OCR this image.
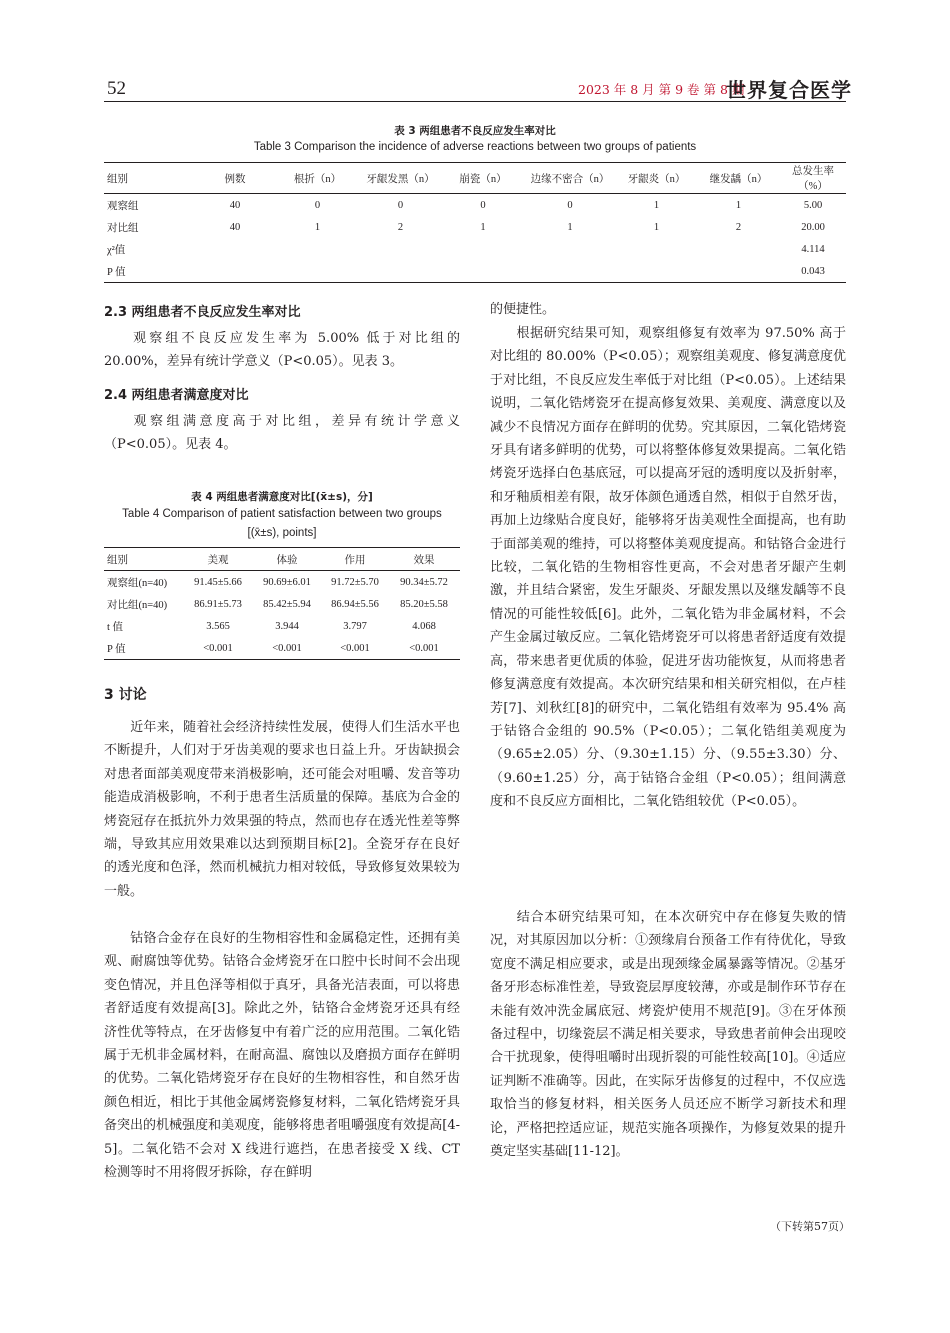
52	2023 年 8 月 第 9 卷 第 8 期
世界复合医学
表 3 两组患者不良反应发生率对比
Table 3 Comparison the incidence of adverse reactions between two groups of patients
组别	例数	根折（n）	牙龈发黑（n）	崩瓷（n）	边缘不密合（n）	牙龈炎（n）	继发龋（n）	总发生率（%）
观察组	40	0	0	0	0	1	1	5.00
对比组	40	1	2	1	1	1	2	20.00
χ²值								4.114
P 值								0.043
2.3 两组患者不良反应发生率对比
观察组不良反应发生率为 5.00% 低于对比组的 20.00%，差异有统计学意义（P<0.05）。见表 3。
2.4 两组患者满意度对比
观察组满意度高于对比组，差异有统计学意义（P<0.05）。见表 4。
表 4 两组患者满意度对比[(x̄±s)，分]
Table 4 Comparison of patient satisfaction between two groups
[(x̄±s), points]
组别	美观	体验	作用	效果
观察组(n=40)	91.45±5.66	90.69±6.01	91.72±5.70	90.34±5.72
对比组(n=40)	86.91±5.73	85.42±5.94	86.94±5.56	85.20±5.58
t 值	3.565	3.944	3.797	4.068
P 值	<0.001	<0.001	<0.001	<0.001
3 讨论
近年来，随着社会经济持续性发展，使得人们生活水平也不断提升，人们对于牙齿美观的要求也日益上升。牙齿缺损会对患者面部美观度带来消极影响，还可能会对咀嚼、发音等功能造成消极影响，不利于患者生活质量的保障。基底为合金的烤瓷冠存在抵抗外力效果强的特点，然而也存在透光性差等弊端，导致其应用效果难以达到预期目标[2]。全瓷牙存在良好的透光度和色泽，然而机械抗力相对较低，导致修复效果较为一般。
钴铬合金存在良好的生物相容性和金属稳定性，还拥有美观、耐腐蚀等优势。钴铬合金烤瓷牙在口腔中长时间不会出现变色情况，并且色泽等相似于真牙，具备光洁表面，可以将患者舒适度有效提高[3]。除此之外，钴铬合金烤瓷牙还具有经济性优等特点，在牙齿修复中有着广泛的应用范围。二氧化锆属于无机非金属材料，在耐高温、腐蚀以及磨损方面存在鲜明的优势。二氧化锆烤瓷牙存在良好的生物相容性，和自然牙齿颜色相近，相比于其他金属烤瓷修复材料，二氧化锆烤瓷牙具备突出的机械强度和美观度，能够将患者咀嚼强度有效提高[4-5]。二氧化锆不会对 X 线进行遮挡，在患者接受 X 线、CT 检测等时不用将假牙拆除，存在鲜明
的便捷性。
根据研究结果可知，观察组修复有效率为 97.50% 高于对比组的 80.00%（P<0.05）；观察组美观度、修复满意度优于对比组，不良反应发生率低于对比组（P<0.05）。上述结果说明，二氧化锆烤瓷牙在提高修复效果、美观度、满意度以及减少不良情况方面存在鲜明的优势。究其原因，二氧化锆烤瓷牙具有诸多鲜明的优势，可以将整体修复效果提高。二氧化锆烤瓷牙选择白色基底冠，可以提高牙冠的透明度以及折射率，和牙釉质相差有限，故牙体颜色通透自然，相似于自然牙齿，再加上边缘贴合度良好，能够将牙齿美观性全面提高，也有助于面部美观的维持，可以将整体美观度提高。和钴铬合金进行比较，二氧化锆的生物相容性更高，不会对患者牙龈产生刺激，并且结合紧密，发生牙龈炎、牙龈发黑以及继发龋等不良情况的可能性较低[6]。此外，二氧化锆为非金属材料，不会产生金属过敏反应。二氧化锆烤瓷牙可以将患者舒适度有效提高，带来患者更优质的体验，促进牙齿功能恢复，从而将患者修复满意度有效提高。本次研究结果和相关研究相似，在卢桂芳[7]、刘秋红[8]的研究中，二氧化锆组有效率为 95.4% 高于钴铬合金组的 90.5%（P<0.05）；二氧化锆组美观度为（9.65±2.05）分、（9.30±1.15）分、（9.55±3.30）分、（9.60±1.25）分，高于钴铬合金组（P<0.05）；组间满意度和不良反应方面相比，二氧化锆组较优（P<0.05）。
结合本研究结果可知，在本次研究中存在修复失败的情况，对其原因加以分析：①颈缘肩台预备工作有待优化，导致宽度不满足相应要求，或是出现颈缘金属暴露等情况。②基牙备牙形态标准性差，导致瓷层厚度较薄，亦或是制作环节存在未能有效冲洗金属底冠、烤瓷炉使用不规范[9]。③在牙体预备过程中，切缘瓷层不满足相关要求，导致患者前伸会出现咬合干扰现象，使得咀嚼时出现折裂的可能性较高[10]。④适应证判断不准确等。因此，在实际牙齿修复的过程中，不仅应选取恰当的修复材料，相关医务人员还应不断学习新技术和理论，严格把控适应证，规范实施各项操作，为修复效果的提升奠定坚实基础[11-12]。
（下转第57页）
